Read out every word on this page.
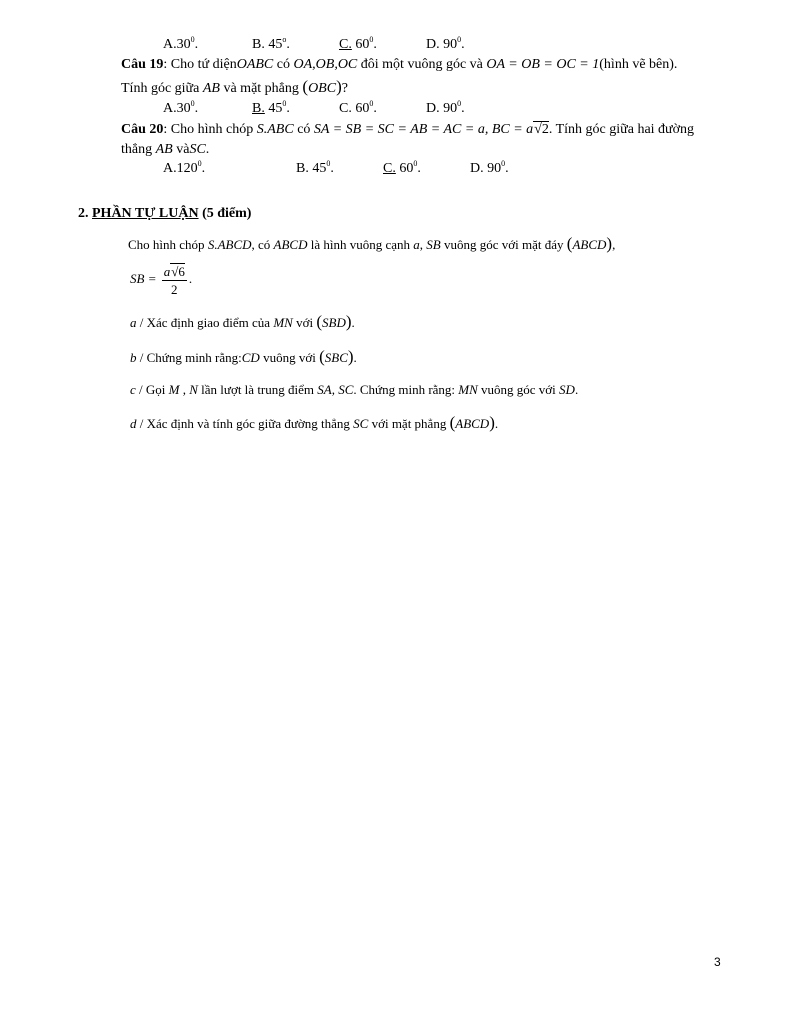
$A.30^0$.	B. 45$^o$.	C. $60^0$.	D. $90^0$.
Câu 19: Cho tứ diệnOABC có OA,OB,OC đôi một vuông góc và OA = OB = OC = 1(hình vẽ bên).
Tính góc giữa AB và mặt phẳng (OBC)?
$A.30^0$.	B. $45^0$.	C. $60^0$.	D. $90^0$.
Câu 20: Cho hình chóp S.ABC có SA = SB = SC = AB = AC = a, BC = a√2. Tính góc giữa hai đường
thẳng AB vàSC.
A.120$^0$.	B. $45^0$.	C. $60^0$.	D. $90^0$.
2. PHẦN TỰ LUẬN (5 điểm)
Cho hình chóp S.ABCD, có ABCD là hình vuông cạnh a, SB vuông góc với mặt đáy (ABCD),
SB = $\frac{a√6}{2}$ .
a / Xác định giao điểm của MN với (SBD).
b / Chứng minh rằng:CD vuông với (SBC).
c / Gọi M , N lần lượt là trung điểm SA, SC. Chứng minh rằng: MN vuông góc với SD.
d / Xác định và tính góc giữa đường thẳng SC với mặt phẳng (ABCD).
3
